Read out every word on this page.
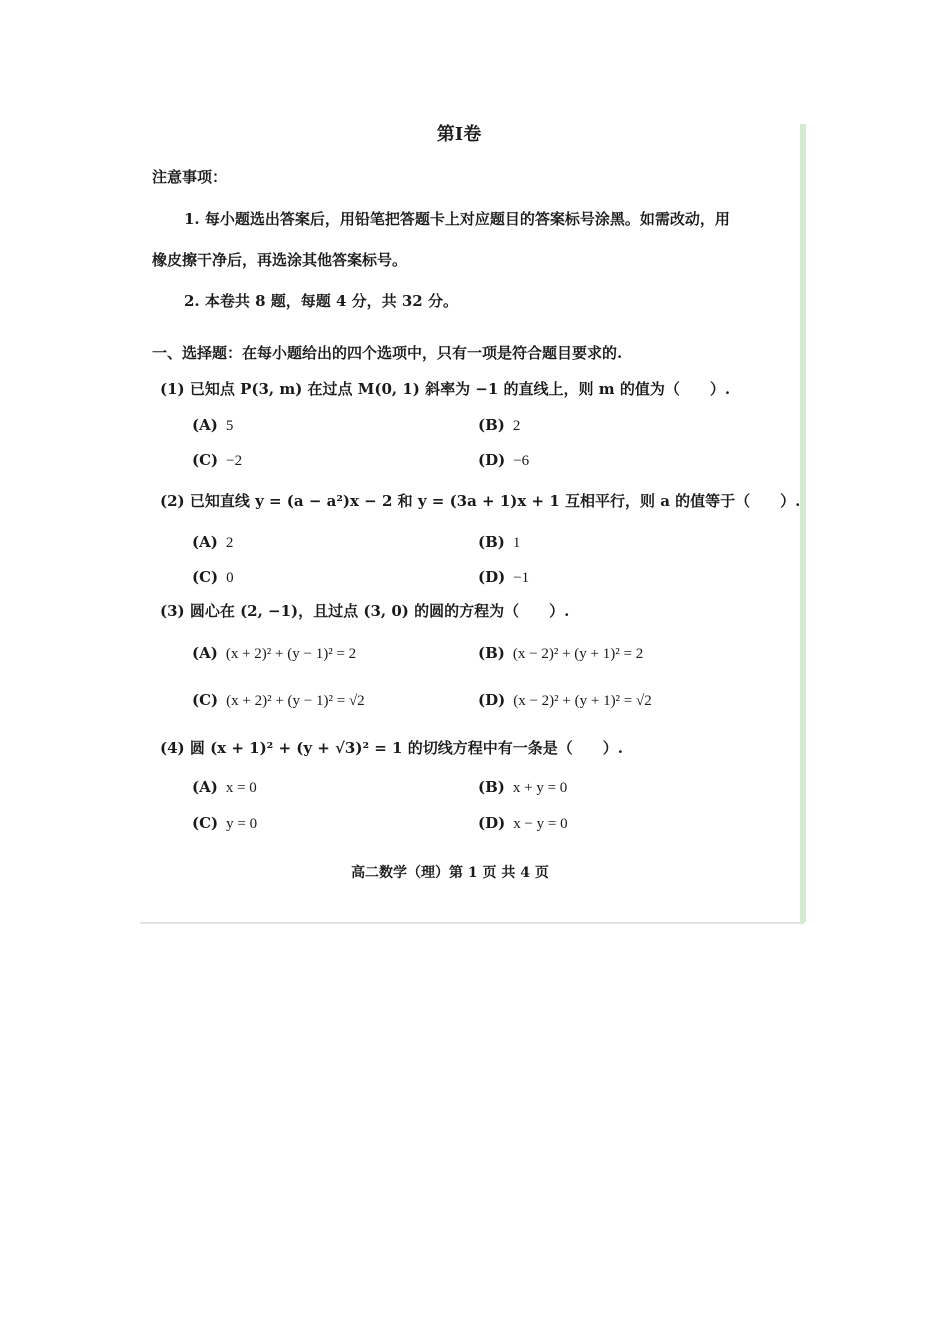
第Ⅰ卷
注意事项：
1. 每小题选出答案后，用铅笔把答题卡上对应题目的答案标号涂黑。如需改动，用
橡皮擦干净后，再选涂其他答案标号。
2. 本卷共 8 题，每题 4 分，共 32 分。
一、选择题：在每小题给出的四个选项中，只有一项是符合题目要求的.
(1) 已知点 P(3, m) 在过点 M(0, 1) 斜率为 −1 的直线上，则 m 的值为（　　）.
(A) 5	(B) 2
(C) −2	(D) −6
(2) 已知直线 y = (a − a²)x − 2 和 y = (3a + 1)x + 1 互相平行，则 a 的值等于（　　）.
(A) 2	(B) 1
(C) 0	(D) −1
(3) 圆心在 (2, −1)，且过点 (3, 0) 的圆的方程为（　　）.
(A) (x + 2)² + (y − 1)² = 2	(B) (x − 2)² + (y + 1)² = 2
(C) (x + 2)² + (y − 1)² = √2	(D) (x − 2)² + (y + 1)² = √2
(4) 圆 (x + 1)² + (y + √3)² = 1 的切线方程中有一条是（　　）.
(A) x = 0	(B) x + y = 0
(C) y = 0	(D) x − y = 0
高二数学（理）第 1 页 共 4 页
